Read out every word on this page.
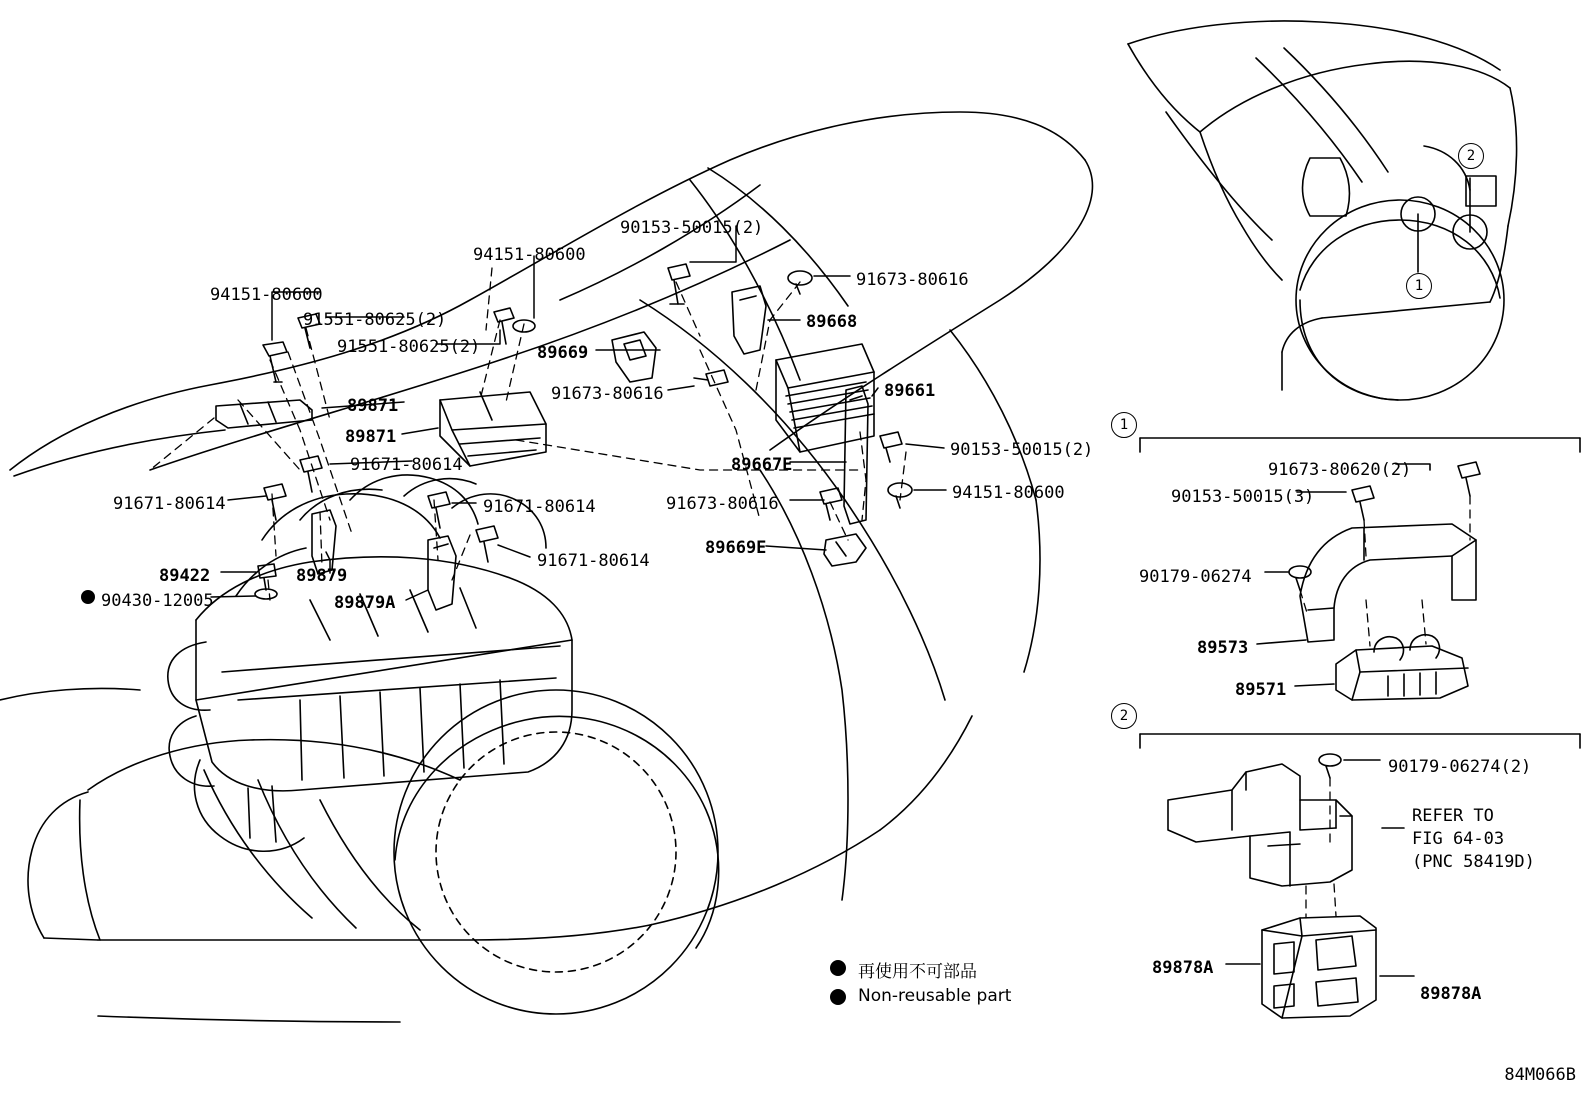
94151-80600
91551-80625(2)
91551-80625(2)
94151-80600
90153-50015(2)
91673-80616
89668
89669
91673-80616
89871
89871
89661
91671-80614	89667E
90153-50015(2)
91671-80614	91671-80614	91673-80616
94151-80600
91671-80614
89669E
89422	89879
90430-12005	89879A
91673-80620(2)
90153-50015(3)
90179-06274
89573
89571
90179-06274(2)
89878A
89878A
REFER TO
FIG 64-03
(PNC 58419D)
1
2
1
2
再使用不可部品
Non-reusable part
84M066B
